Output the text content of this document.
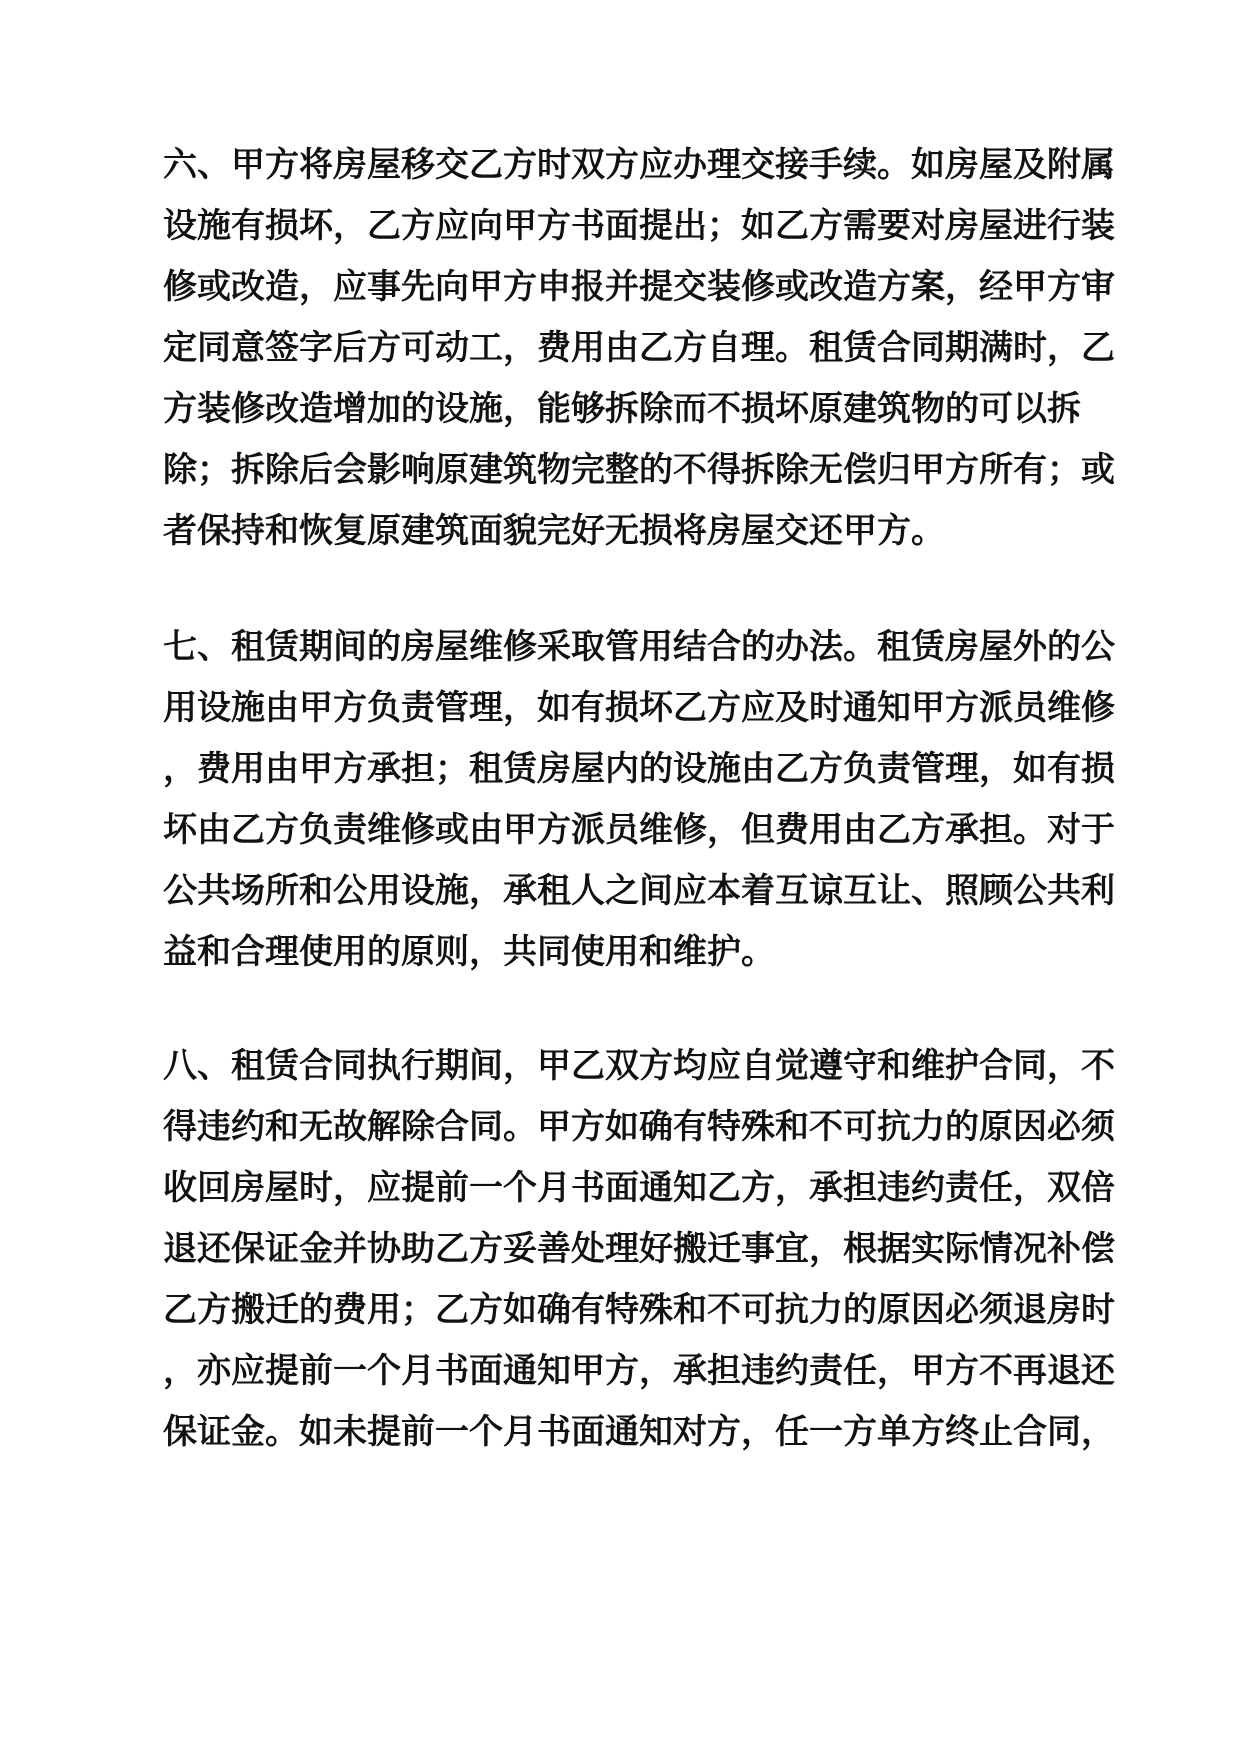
六 、 甲 方 将 房 屋 移 交 乙 方 时 双 方 应 办 理 交 接 手 续 。 如 房 屋 及 附 属
设 施 有 损 坏 ， 乙 方 应 向 甲 方 书 面 提 出 ； 如 乙 方 需 要 对 房 屋 进 行 装
修 或 改 造 ， 应 事 先 向 甲 方 申 报 并 提 交 装 修 或 改 造 方 案 ， 经 甲 方 审
定 同 意 签 字 后 方 可 动 工 ， 费 用 由 乙 方 自 理 。 租 赁 合 同 期 满 时 ， 乙
方 装 修 改 造 增 加 的 设 施 ， 能 够 拆 除 而 不 损 坏 原 建 筑 物 的 可 以 拆
除 ； 拆 除 后 会 影 响 原 建 筑 物 完 整 的 不 得 拆 除 无 偿 归 甲 方 所 有 ； 或
者保持和恢复原建筑面貌完好无损将房屋交还甲方。
七 、 租 赁 期 间 的 房 屋 维 修 采 取 管 用 结 合 的 办 法 。 租 赁 房 屋 外 的 公
用 设 施 由 甲 方 负 责 管 理 ， 如 有 损 坏 乙 方 应 及 时 通 知 甲 方 派 员 维 修
， 费 用 由 甲 方 承 担 ； 租 赁 房 屋 内 的 设 施 由 乙 方 负 责 管 理 ， 如 有 损
坏 由 乙 方 负 责 维 修 或 由 甲 方 派 员 维 修 ， 但 费 用 由 乙 方 承 担 。 对 于
公 共 场 所 和 公 用 设 施 ， 承 租 人 之 间 应 本 着 互 谅 互 让 、 照 顾 公 共 利
益和合理使用的原则，共同使用和维护。
八 、 租 赁 合 同 执 行 期 间 ， 甲 乙 双 方 均 应 自 觉 遵 守 和 维 护 合 同 ， 不
得 违 约 和 无 故 解 除 合 同 。 甲 方 如 确 有 特 殊 和 不 可 抗 力 的 原 因 必 须
收 回 房 屋 时 ， 应 提 前 一 个 月 书 面 通 知 乙 方 ， 承 担 违 约 责 任 ， 双 倍
退 还 保 证 金 并 协 助 乙 方 妥 善 处 理 好 搬 迁 事 宜 ， 根 据 实 际 情 况 补 偿
乙 方 搬 迁 的 费 用 ； 乙 方 如 确 有 特 殊 和 不 可 抗 力 的 原 因 必 须 退 房 时
， 亦 应 提 前 一 个 月 书 面 通 知 甲 方 ， 承 担 违 约 责 任 ， 甲 方 不 再 退 还
保 证 金 。 如 未 提 前 一 个 月 书 面 通 知 对 方 ， 任 一 方 单 方 终 止 合 同 ，
